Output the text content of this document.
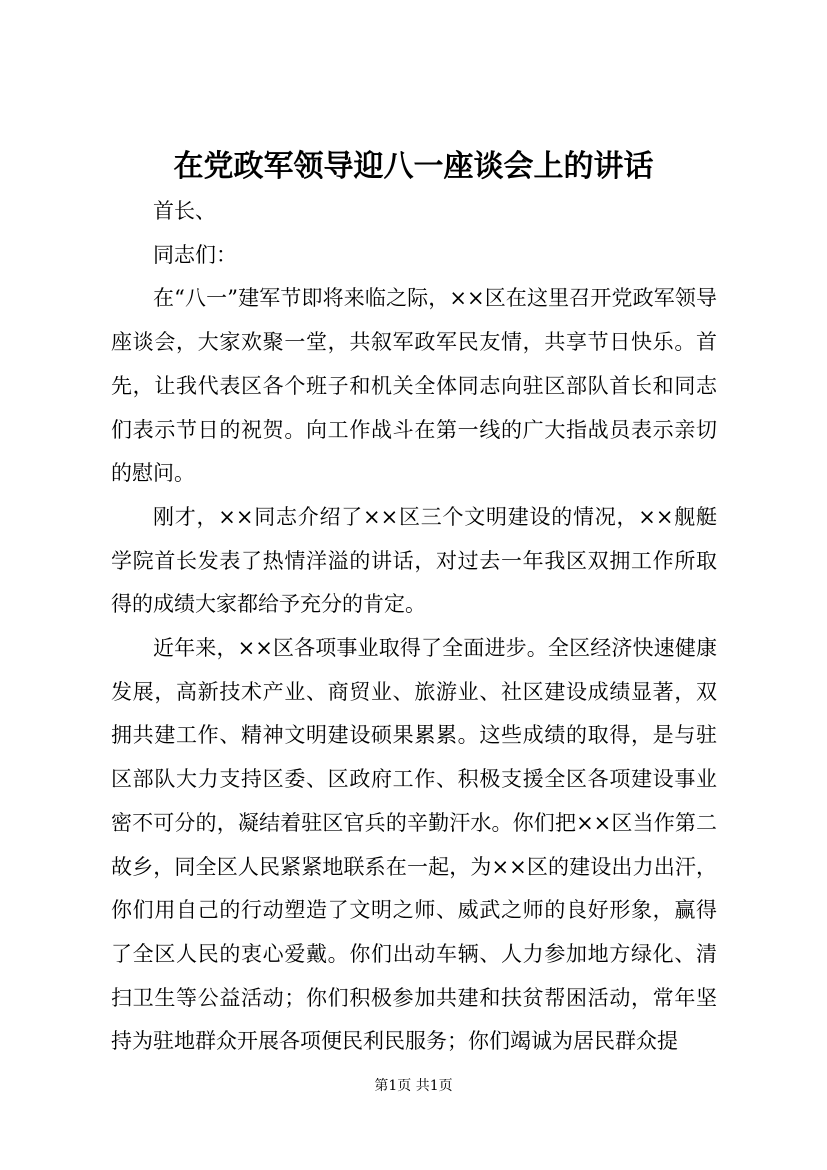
在党政军领导迎八一座谈会上的讲话

首长、

同志们：

在“八一”建军节即将来临之际，××区在这里召开党政军领导座谈会，大家欢聚一堂，共叙军政军民友情，共享节日快乐。首先，让我代表区各个班子和机关全体同志向驻区部队首长和同志们表示节日的祝贺。向工作战斗在第一线的广大指战员表示亲切的慰问。

刚才，××同志介绍了××区三个文明建设的情况，××舰艇学院首长发表了热情洋溢的讲话，对过去一年我区双拥工作所取得的成绩大家都给予充分的肯定。

近年来，××区各项事业取得了全面进步。全区经济快速健康发展，高新技术产业、商贸业、旅游业、社区建设成绩显著，双拥共建工作、精神文明建设硕果累累。这些成绩的取得，是与驻区部队大力支持区委、区政府工作、积极支援全区各项建设事业密不可分的，凝结着驻区官兵的辛勤汗水。你们把××区当作第二故乡，同全区人民紧紧地联系在一起，为××区的建设出力出汗，你们用自己的行动塑造了文明之师、威武之师的良好形象，赢得了全区人民的衷心爱戴。你们出动车辆、人力参加地方绿化、清扫卫生等公益活动；你们积极参加共建和扶贫帮困活动，常年坚持为驻地群众开展各项便民利民服务；你们竭诚为居民群众提

第1页 共1页
